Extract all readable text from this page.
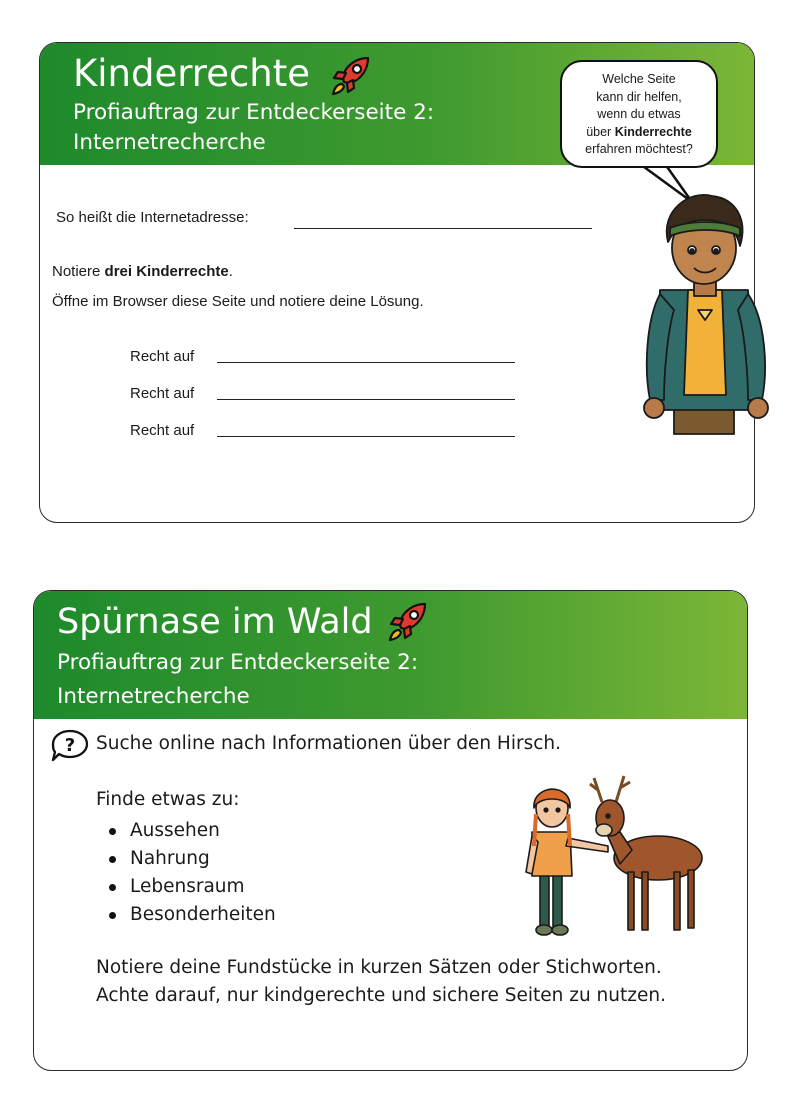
Kinderrechte
Profiauftrag zur Entdeckerseite 2:
Internetrecherche
Welche Seite
kann dir helfen,
wenn du etwas
über Kinderrechte
erfahren möchtest?
So heißt die Internetadresse:
Notiere drei Kinderrechte.
Öffne im Browser diese Seite und notiere deine Lösung.
Recht auf
Recht auf
Recht auf
Spürnase im Wald
Profiauftrag zur Entdeckerseite 2:
Internetrecherche
? Suche online nach Informationen über den Hirsch.
Finde etwas zu:
Aussehen
Nahrung
Lebensraum
Besonderheiten
Notiere deine Fundstücke in kurzen Sätzen oder Stichworten.
Achte darauf, nur kindgerechte und sichere Seiten zu nutzen.
